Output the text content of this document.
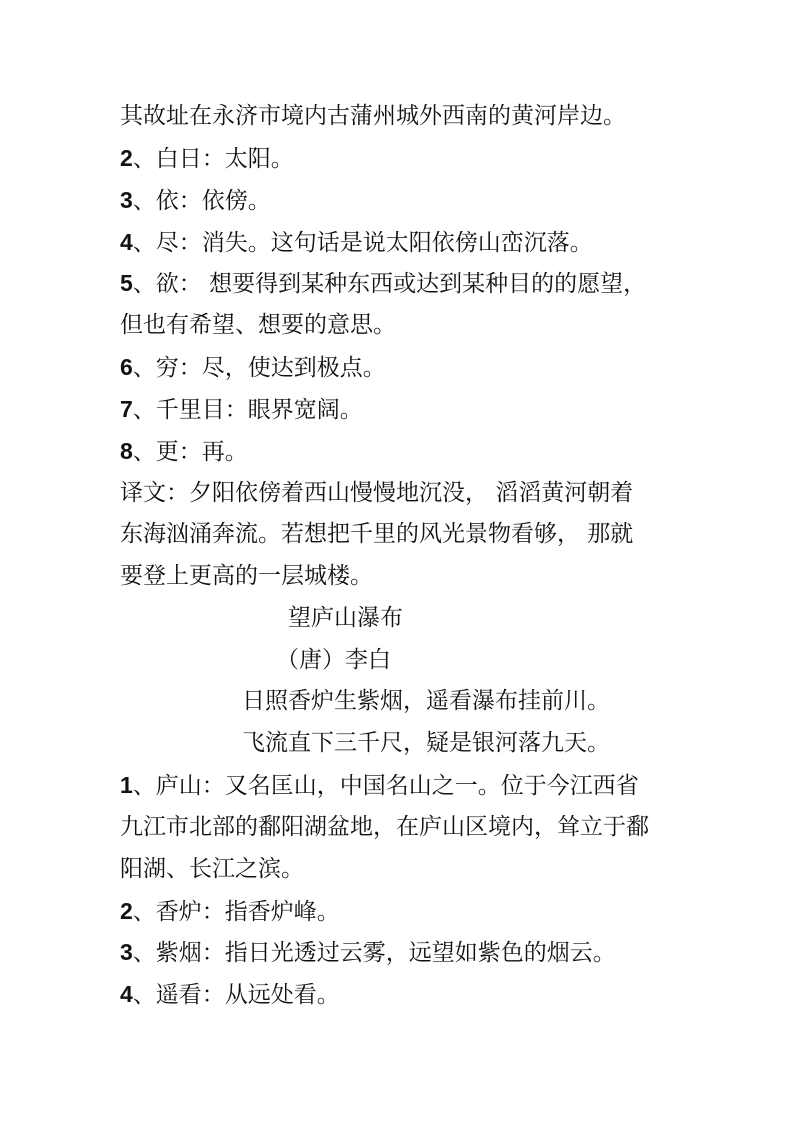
其故址在永济市境内古蒲州城外西南的黄河岸边。

2、白日：太阳。

3、依：依傍。

4、尽：消失。这句话是说太阳依傍山峦沉落。

5、欲： 想要得到某种东西或达到某种目的的愿望，

但也有希望、想要的意思。

6、穷：尽，使达到极点。

7、千里目：眼界宽阔。

8、更：再。

译文：夕阳依傍着西山慢慢地沉没， 滔滔黄河朝着

东海汹涌奔流。若想把千里的风光景物看够， 那就

要登上更高的一层城楼。

望庐山瀑布

（唐）李白

日照香炉生紫烟，遥看瀑布挂前川。

飞流直下三千尺，疑是银河落九天。

1、庐山：又名匡山，中国名山之一。位于今江西省

九江市北部的鄱阳湖盆地，在庐山区境内，耸立于鄱

阳湖、长江之滨。

2、香炉：指香炉峰。

3、紫烟：指日光透过云雾，远望如紫色的烟云。

4、遥看：从远处看。
